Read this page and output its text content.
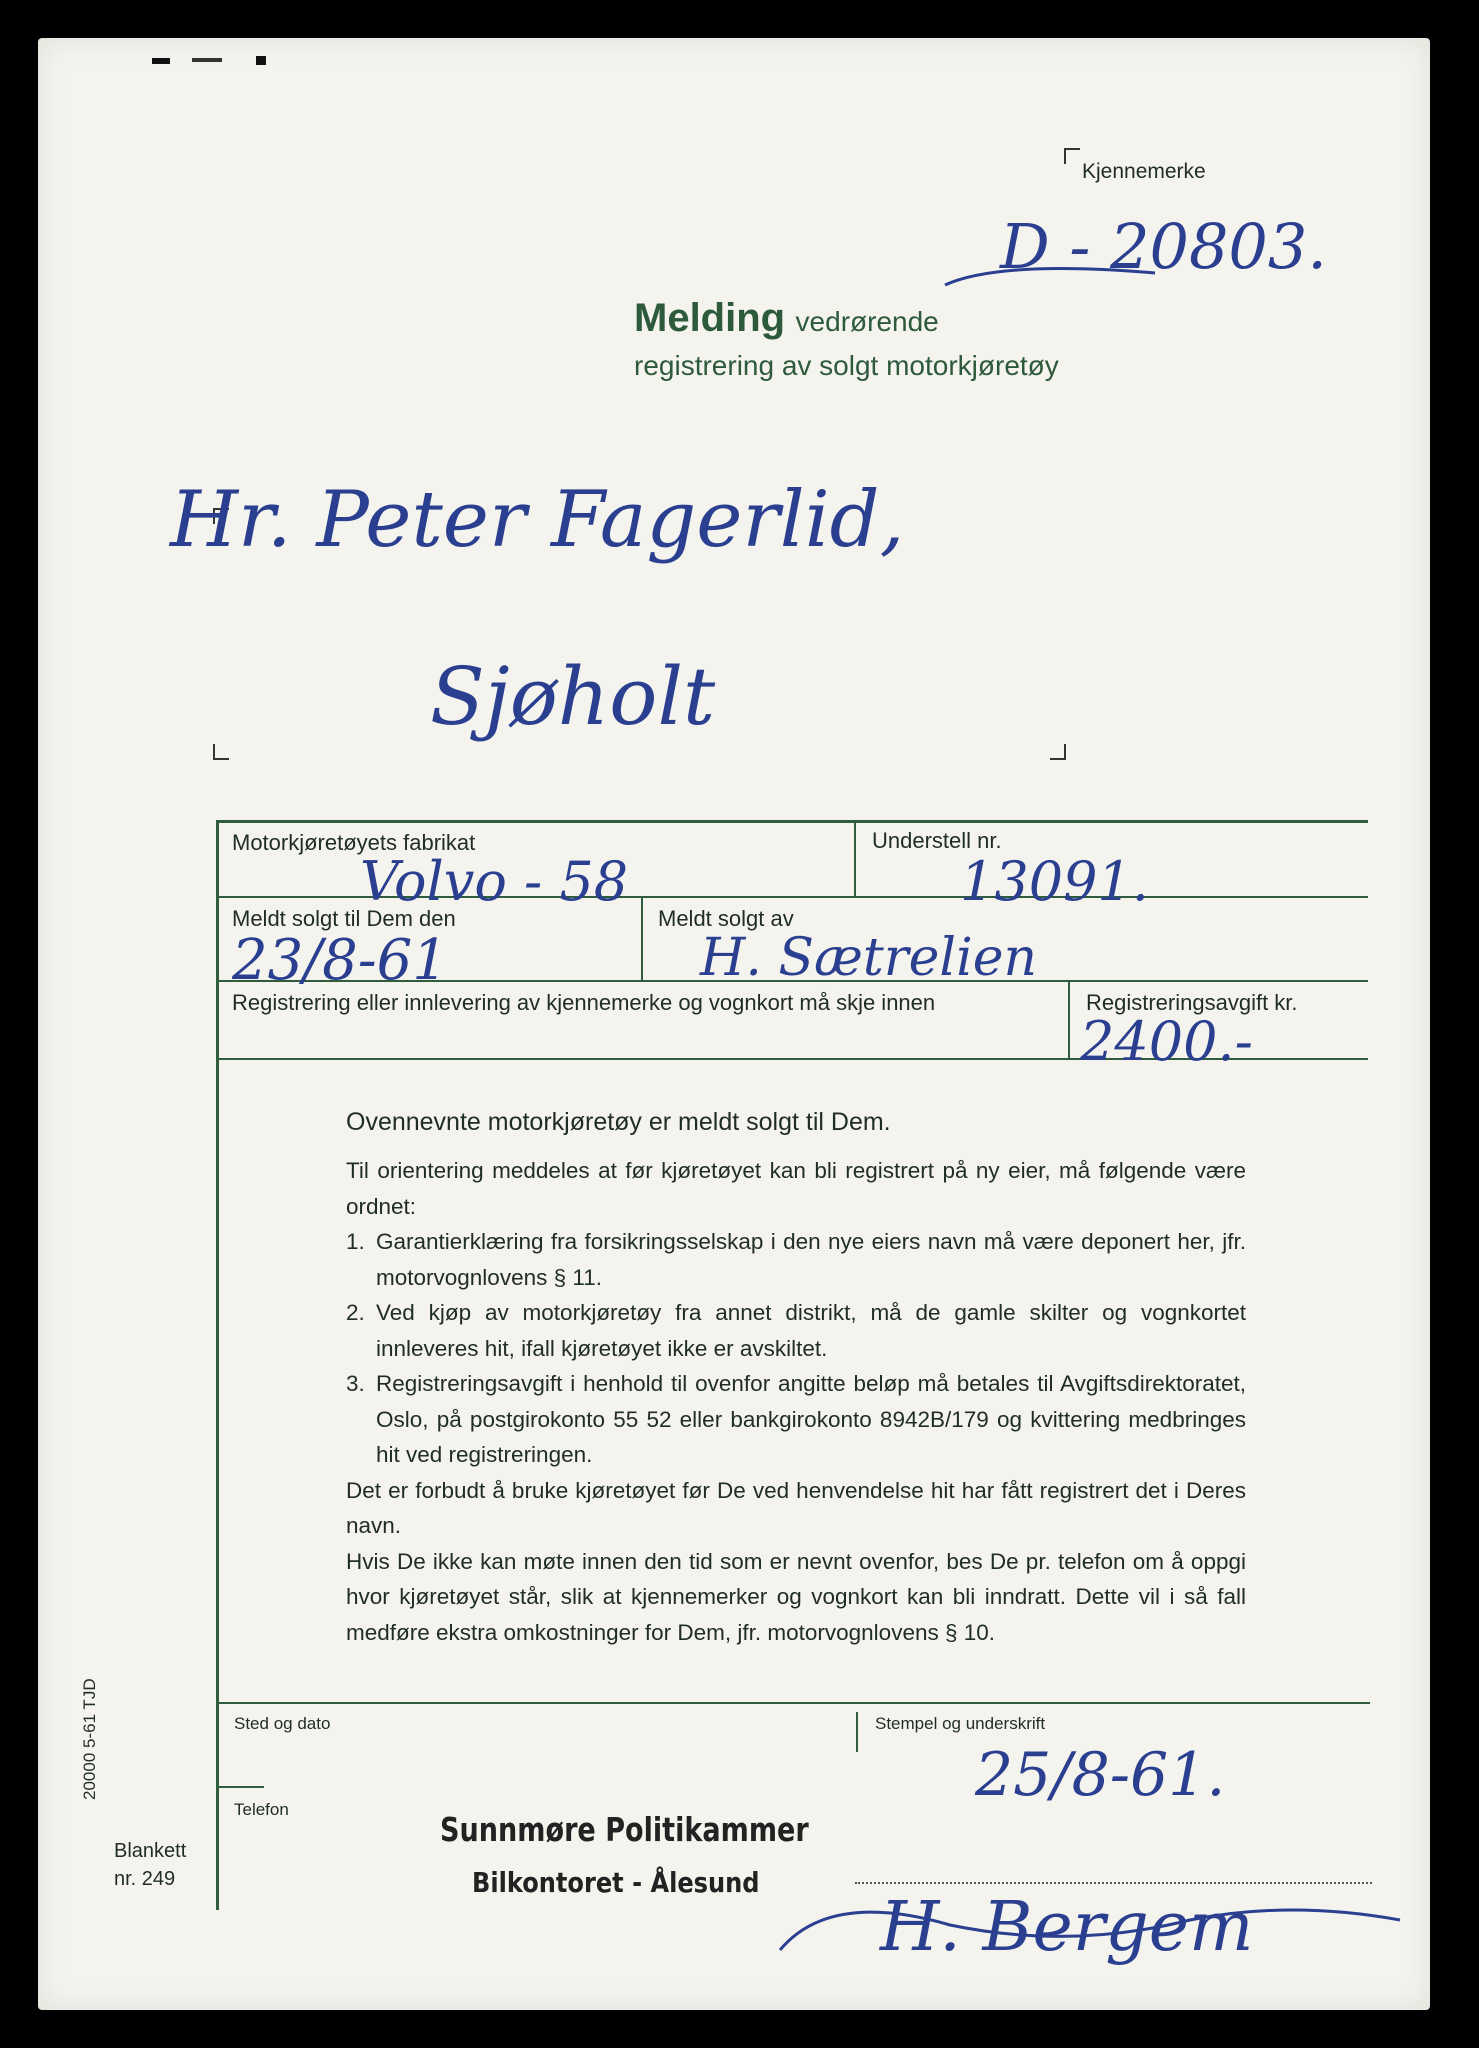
Kjennemerke
D - 20803.
Melding vedrørende
registrering av solgt motorkjøretøy
Hr. Peter Fagerlid,
Sjøholt
Motorkjøretøyets fabrikat
Volvo - 58
Understell nr.
13091.
Meldt solgt til Dem den
23/8-61
Meldt solgt av
H. Sætrelien
Registrering eller innlevering av kjennemerke og vognkort må skje innen	Registreringsavgift kr.
2400.-
Ovennevnte motorkjøretøy er meldt solgt til Dem.

Til orientering meddeles at før kjøretøyet kan bli registrert på ny eier, må følgende være ordnet:

1. Garantierklæring fra forsikringsselskap i den nye eiers navn må være deponert her, jfr. motorvognlovens § 11.
2. Ved kjøp av motorkjøretøy fra annet distrikt, må de gamle skilter og vognkortet innleveres hit, ifall kjøretøyet ikke er avskiltet.
3. Registreringsavgift i henhold til ovenfor angitte beløp må betales til Avgiftsdirektoratet, Oslo, på postgirokonto 55 52 eller bankgirokonto 8942B/179 og kvittering medbringes hit ved registreringen.

Det er forbudt å bruke kjøretøyet før De ved henvendelse hit har fått registrert det i Deres navn.

Hvis De ikke kan møte innen den tid som er nevnt ovenfor, bes De pr. telefon om å oppgi hvor kjøretøyet står, slik at kjennemerker og vognkort kan bli inndratt. Dette vil i så fall medføre ekstra omkostninger for Dem, jfr. motorvognlovens § 10.

Sted og dato	Stempel og underskrift
25/8-61.
Telefon
Sunnmøre Politikammer
Bilkontoret - Ålesund
H. Bergem
20000 5-61 TJD
Blankett
nr. 249
